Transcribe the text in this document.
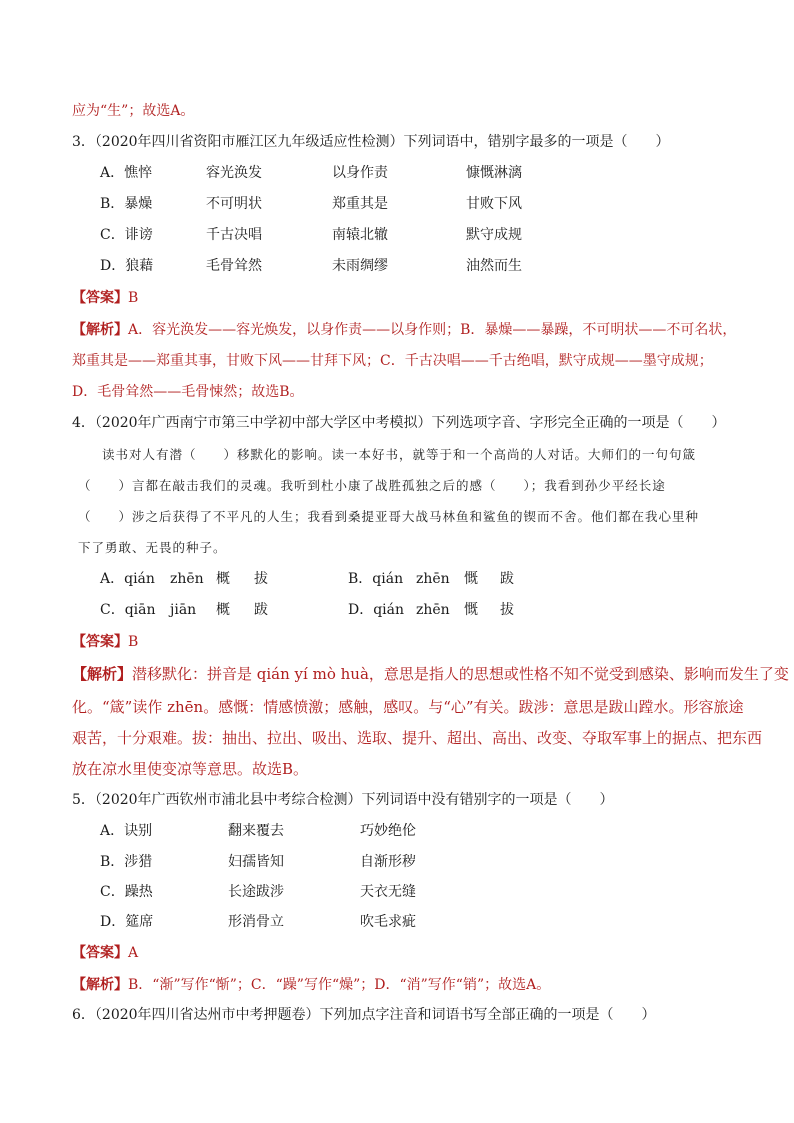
应为“生”；故选A。
3．（2020年四川省资阳市雁江区九年级适应性检测）下列词语中，错别字最多的一项是（　　）
A．憔悴	容光涣发	以身作责	慷慨淋漓
B．暴燥	不可明状	郑重其是	甘败下风
C．诽谤	千古决唱	南辕北辙	默守成规
D．狼藉	毛骨耸然	未雨绸缪	油然而生
【答案】B
【解析】A．容光涣发——容光焕发，以身作责——以身作则；B．暴燥——暴躁，不可明状——不可名状，
郑重其是——郑重其事，甘败下风——甘拜下风；C．千古决唱——千古绝唱，默守成规——墨守成规；
D．毛骨耸然——毛骨悚然；故选B。
4．（2020年广西南宁市第三中学初中部大学区中考模拟）下列选项字音、字形完全正确的一项是（　　）
读书对人有潜（　　）移默化的影响。读一本好书，就等于和一个高尚的人对话。大师们的一句句箴
（　　）言都在敲击我们的灵魂。我听到杜小康了战胜孤独之后的感（　　）；我看到孙少平经长途
（　　）涉之后获得了不平凡的人生；我看到桑提亚哥大战马林鱼和鲨鱼的锲而不舍。他们都在我心里种
下了勇敢、无畏的种子。
A．qián zhēn 概 拔	B．qián zhēn 慨 跋
C．qiān jiān 概 跋	D．qián zhēn 慨 拔
【答案】B
【解析】潜移默化：拼音是 qián yí mò huà，意思是指人的思想或性格不知不觉受到感染、影响而发生了变
化。“箴”读作 zhēn。感慨：情感愤激；感触，感叹。与“心”有关。跋涉：意思是跋山蹚水。形容旅途
艰苦，十分艰难。拔：抽出、拉出、吸出、选取、提升、超出、高出、改变、夺取军事上的据点、把东西
放在凉水里使变凉等意思。故选B。
5．（2020年广西钦州市浦北县中考综合检测）下列词语中没有错别字的一项是（　　）
A．诀别	翻来覆去	巧妙绝伦
B．涉猎	妇孺皆知	自渐形秽
C．躁热	长途跋涉	天衣无缝
D．筵席	形消骨立	吹毛求疵
【答案】A
【解析】B．“渐”写作“惭”；C．“躁”写作“燥”；D．“消”写作“销”；故选A。
6．（2020年四川省达州市中考押题卷）下列加点字注音和词语书写全部正确的一项是（　　）
